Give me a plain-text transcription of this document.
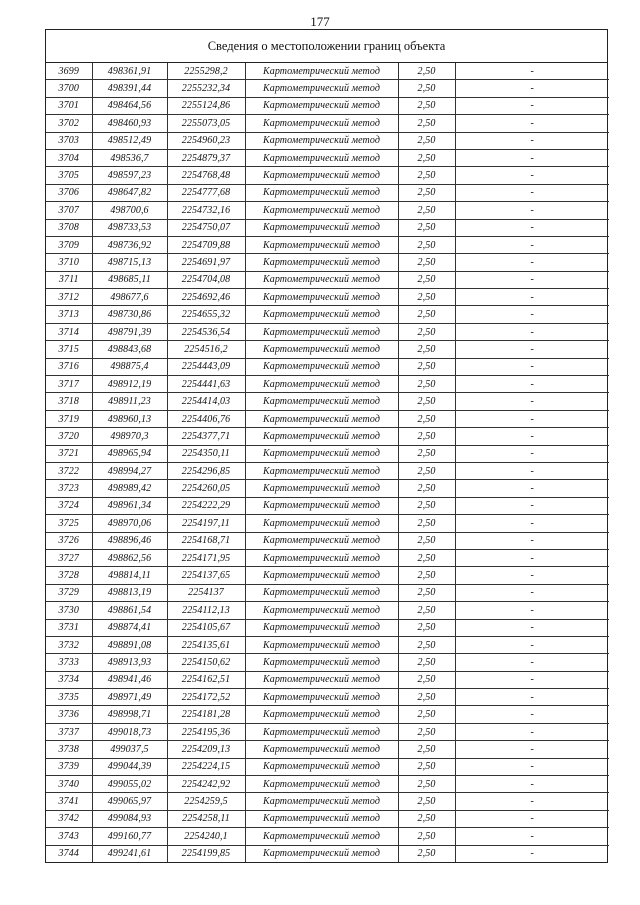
177
Сведения о местоположении границ объекта
3699	498361,91	2255298,2	Картометрический метод	2,50	-
3700	498391,44	2255232,34	Картометрический метод	2,50	-
3701	498464,56	2255124,86	Картометрический метод	2,50	-
3702	498460,93	2255073,05	Картометрический метод	2,50	-
3703	498512,49	2254960,23	Картометрический метод	2,50	-
3704	498536,7	2254879,37	Картометрический метод	2,50	-
3705	498597,23	2254768,48	Картометрический метод	2,50	-
3706	498647,82	2254777,68	Картометрический метод	2,50	-
3707	498700,6	2254732,16	Картометрический метод	2,50	-
3708	498733,53	2254750,07	Картометрический метод	2,50	-
3709	498736,92	2254709,88	Картометрический метод	2,50	-
3710	498715,13	2254691,97	Картометрический метод	2,50	-
3711	498685,11	2254704,08	Картометрический метод	2,50	-
3712	498677,6	2254692,46	Картометрический метод	2,50	-
3713	498730,86	2254655,32	Картометрический метод	2,50	-
3714	498791,39	2254536,54	Картометрический метод	2,50	-
3715	498843,68	2254516,2	Картометрический метод	2,50	-
3716	498875,4	2254443,09	Картометрический метод	2,50	-
3717	498912,19	2254441,63	Картометрический метод	2,50	-
3718	498911,23	2254414,03	Картометрический метод	2,50	-
3719	498960,13	2254406,76	Картометрический метод	2,50	-
3720	498970,3	2254377,71	Картометрический метод	2,50	-
3721	498965,94	2254350,11	Картометрический метод	2,50	-
3722	498994,27	2254296,85	Картометрический метод	2,50	-
3723	498989,42	2254260,05	Картометрический метод	2,50	-
3724	498961,34	2254222,29	Картометрический метод	2,50	-
3725	498970,06	2254197,11	Картометрический метод	2,50	-
3726	498896,46	2254168,71	Картометрический метод	2,50	-
3727	498862,56	2254171,95	Картометрический метод	2,50	-
3728	498814,11	2254137,65	Картометрический метод	2,50	-
3729	498813,19	2254137	Картометрический метод	2,50	-
3730	498861,54	2254112,13	Картометрический метод	2,50	-
3731	498874,41	2254105,67	Картометрический метод	2,50	-
3732	498891,08	2254135,61	Картометрический метод	2,50	-
3733	498913,93	2254150,62	Картометрический метод	2,50	-
3734	498941,46	2254162,51	Картометрический метод	2,50	-
3735	498971,49	2254172,52	Картометрический метод	2,50	-
3736	498998,71	2254181,28	Картометрический метод	2,50	-
3737	499018,73	2254195,36	Картометрический метод	2,50	-
3738	499037,5	2254209,13	Картометрический метод	2,50	-
3739	499044,39	2254224,15	Картометрический метод	2,50	-
3740	499055,02	2254242,92	Картометрический метод	2,50	-
3741	499065,97	2254259,5	Картометрический метод	2,50	-
3742	499084,93	2254258,11	Картометрический метод	2,50	-
3743	499160,77	2254240,1	Картометрический метод	2,50	-
3744	499241,61	2254199,85	Картометрический метод	2,50	-
